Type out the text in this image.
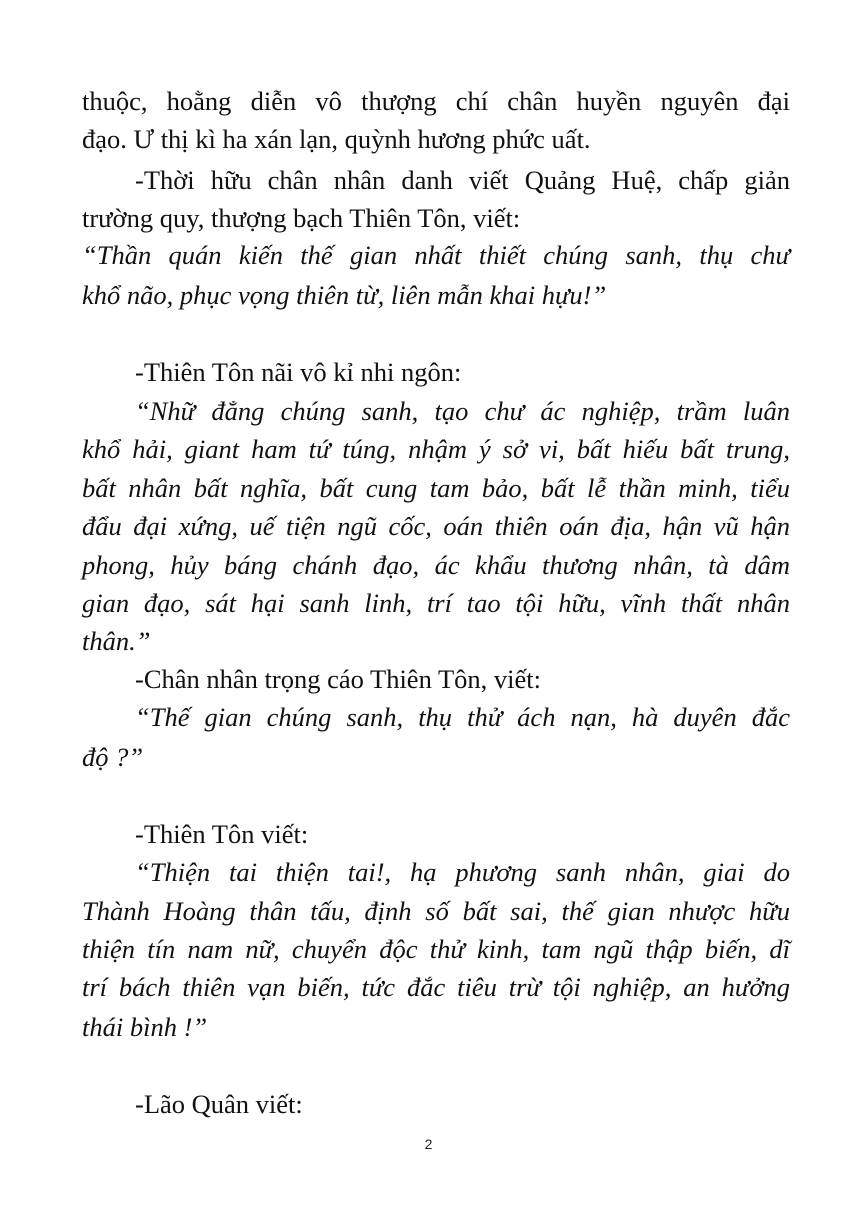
thuộc, hoằng diễn vô thượng chí chân huyền nguyên đại
đạo. Ư thị kì ha xán lạn, quỳnh hương phức uất.
-Thời hữu chân nhân danh viết Quảng Huệ, chấp giản
trường quy, thượng bạch Thiên Tôn, viết:
“Thần quán kiến thế gian nhất thiết chúng sanh, thụ chư
khổ não, phục vọng thiên từ, liên mẫn khai hựu!”
-Thiên Tôn nãi vô kỉ nhi ngôn:
“Nhữ đẳng chúng sanh, tạo chư ác nghiệp, trầm luân
khổ hải, giant ham tứ túng, nhậm ý sở vi, bất hiếu bất trung,
bất nhân bất nghĩa, bất cung tam bảo, bất lễ thần minh, tiểu
đẩu đại xứng, uế tiện ngũ cốc, oán thiên oán địa, hận vũ hận
phong, hủy báng chánh đạo, ác khẩu thương nhân, tà dâm
gian đạo, sát hại sanh linh, trí tao tội hữu, vĩnh thất nhân
thân.”
-Chân nhân trọng cáo Thiên Tôn, viết:
“Thế gian chúng sanh, thụ thử ách nạn, hà duyên đắc
độ ?”
-Thiên Tôn viết:
“Thiện tai thiện tai!, hạ phương sanh nhân, giai do
Thành Hoàng thân tấu, định số bất sai, thế gian nhược hữu
thiện tín nam nữ, chuyển độc thử kinh, tam ngũ thập biến, dĩ
trí bách thiên vạn biến, tức đắc tiêu trừ tội nghiệp, an hưởng
thái bình !”
-Lão Quân viết:
2
